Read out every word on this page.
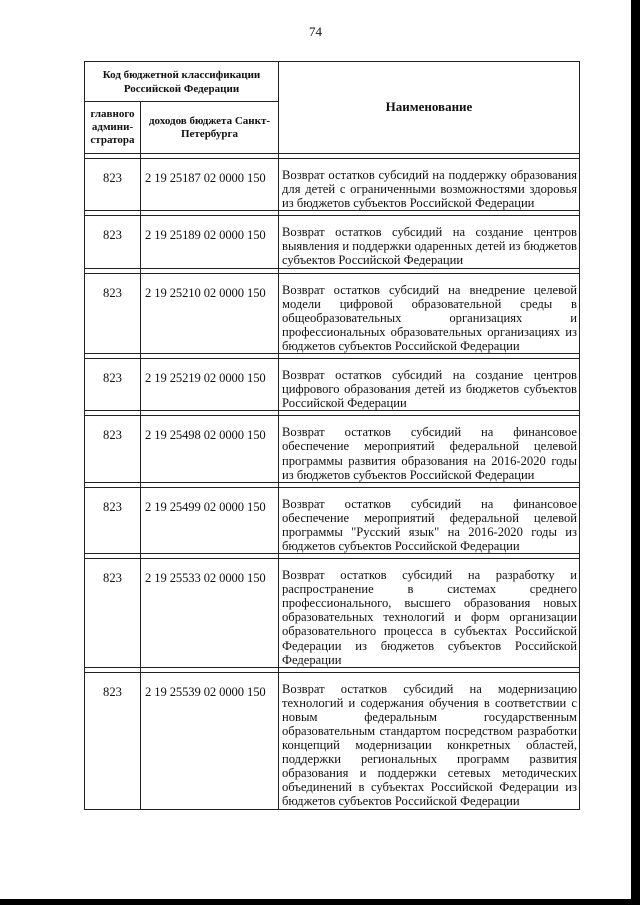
74
Код бюджетной классификации Российской Федерации		Наименование
главного админи-стратора	доходов бюджета Санкт-Петербурга	

823	2 19 25187 02 0000 150	Возврат остатков субсидий на поддержку образования для детей с ограниченными возможностями здоровья из бюджетов субъектов Российской Федерации

823	2 19 25189 02 0000 150	Возврат остатков субсидий на создание центров выявления и поддержки одаренных детей из бюджетов субъектов Российской Федерации

823	2 19 25210 02 0000 150	Возврат остатков субсидий на внедрение целевой модели цифровой образовательной среды в общеобразовательных организациях и профессиональных образовательных организациях из бюджетов субъектов Российской Федерации

823	2 19 25219 02 0000 150	Возврат остатков субсидий на создание центров цифрового образования детей из бюджетов субъектов Российской Федерации

823	2 19 25498 02 0000 150	Возврат остатков субсидий на финансовое обеспечение мероприятий федеральной целевой программы развития образования на 2016-2020 годы из бюджетов субъектов Российской Федерации

823	2 19 25499 02 0000 150	Возврат остатков субсидий на финансовое обеспечение мероприятий федеральной целевой программы "Русский язык" на 2016-2020 годы из бюджетов субъектов Российской Федерации

823	2 19 25533 02 0000 150	Возврат остатков субсидий на разработку и распространение в системах среднего профессионального, высшего образования новых образовательных технологий и форм организации образовательного процесса в субъектах Российской Федерации из бюджетов субъектов Российской Федерации

823	2 19 25539 02 0000 150	Возврат остатков субсидий на модернизацию технологий и содержания обучения в соответствии с новым федеральным государственным образовательным стандартом посредством разработки концепций модернизации конкретных областей, поддержки региональных программ развития образования и поддержки сетевых методических объединений в субъектах Российской Федерации из бюджетов субъектов Российской Федерации
